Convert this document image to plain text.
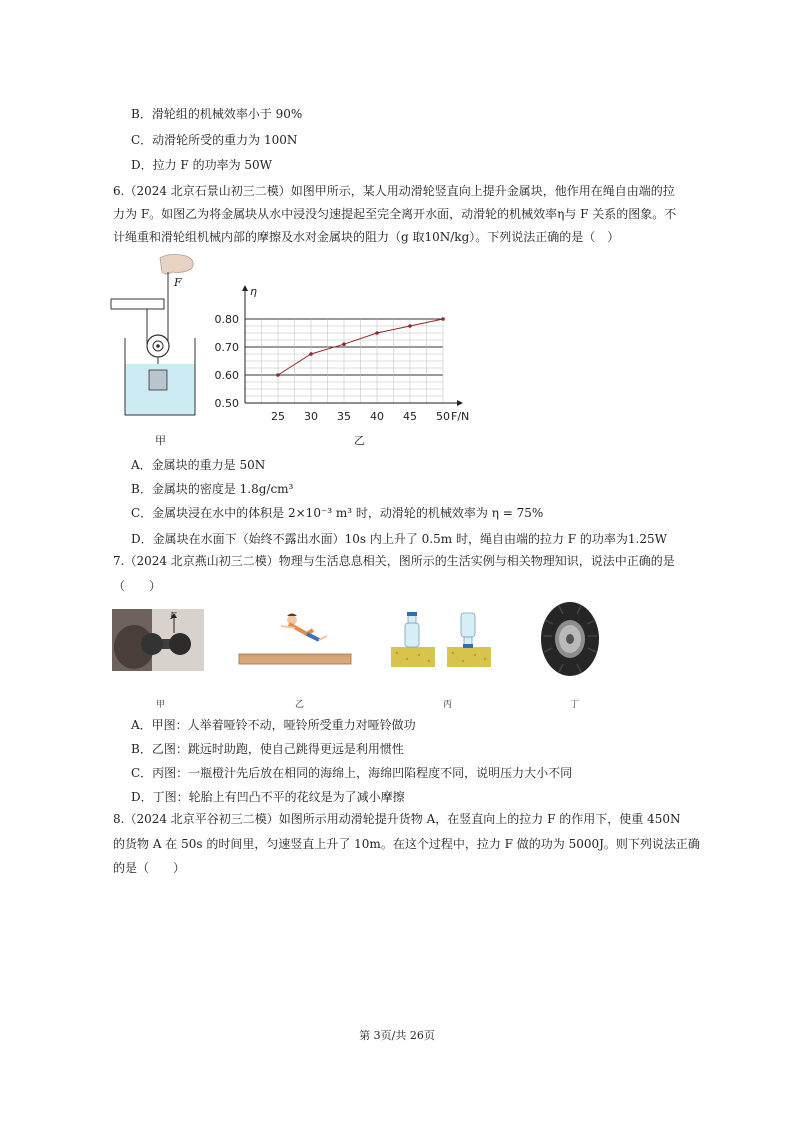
B．滑轮组的机械效率小于 90%
C．动滑轮所受的重力为 100N
D．拉力 F 的功率为 50W
6.（2024 北京石景山初三二模）如图甲所示，某人用动滑轮竖直向上提升金属块，他作用在绳自由端的拉
力为 F。如图乙为将金属块从水中浸没匀速提起至完全离开水面，动滑轮的机械效率η与 F 关系的图象。不
计绳重和滑轮组机械内部的摩擦及水对金属块的阻力（g 取10N/kg）。下列说法正确的是（　）
F
甲
η
F/N
0.50
0.60
0.70
0.80
25 30 35 40 45 50
乙
A．金属块的重力是 50N
B．金属块的密度是 1.8g/cm³
C．金属块浸在水中的体积是 2×10⁻³ m³ 时，动滑轮的机械效率为 η = 75%
D．金属块在水面下（始终不露出水面）10s 内上升了 0.5m 时，绳自由端的拉力 F 的功率为1.25W
7.（2024 北京燕山初三二模）物理与生活息息相关，图所示的生活实例与相关物理知识，说法中正确的是
（　　）
F
甲	乙	丙	丁
A．甲图：人举着哑铃不动，哑铃所受重力对哑铃做功
B．乙图：跳远时助跑，使自己跳得更远是利用惯性
C．丙图：一瓶橙汁先后放在相同的海绵上，海绵凹陷程度不同，说明压力大小不同
D．丁图：轮胎上有凹凸不平的花纹是为了减小摩擦
8.（2024 北京平谷初三二模）如图所示用动滑轮提升货物 A，在竖直向上的拉力 F 的作用下，使重 450N
的货物 A 在 50s 的时间里，匀速竖直上升了 10m。在这个过程中，拉力 F 做的功为 5000J。则下列说法正确
的是（　　）
第 3页/共 26页
